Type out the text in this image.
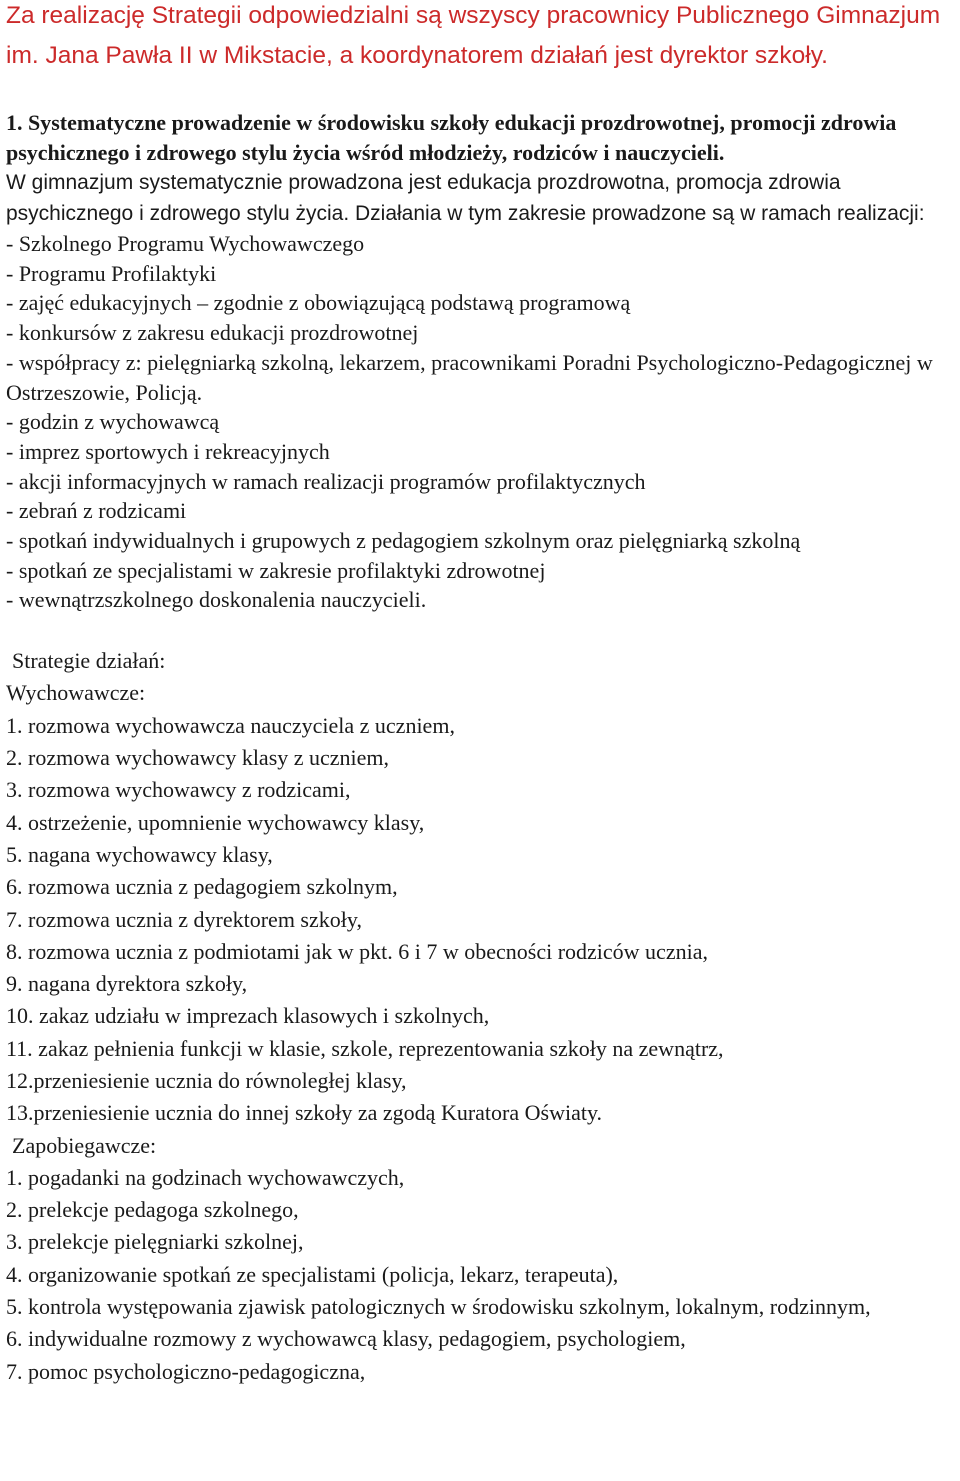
Za realizację Strategii odpowiedzialni są wszyscy pracownicy Publicznego Gimnazjum im. Jana Pawła II w Mikstacie, a koordynatorem działań jest dyrektor szkoły.
1. Systematyczne prowadzenie w środowisku szkoły edukacji prozdrowotnej, promocji zdrowia psychicznego i zdrowego stylu życia wśród młodzieży, rodziców i nauczycieli.
W gimnazjum systematycznie prowadzona jest edukacja prozdrowotna, promocja zdrowia psychicznego i zdrowego stylu życia. Działania w tym zakresie prowadzone są w ramach realizacji:
- Szkolnego Programu Wychowawczego
- Programu Profilaktyki
- zajęć edukacyjnych – zgodnie z obowiązującą podstawą programową
- konkursów z zakresu edukacji prozdrowotnej
- współpracy z: pielęgniarką szkolną, lekarzem, pracownikami Poradni Psychologiczno-Pedagogicznej w Ostrzeszowie, Policją.
- godzin z wychowawcą
- imprez sportowych i rekreacyjnych
- akcji informacyjnych w ramach realizacji programów profilaktycznych
- zebrań z rodzicami
- spotkań indywidualnych i grupowych z pedagogiem szkolnym oraz pielęgniarką szkolną
- spotkań ze specjalistami w zakresie profilaktyki zdrowotnej
- wewnątrzszkolnego doskonalenia nauczycieli.
Strategie działań:
Wychowawcze:
1. rozmowa wychowawcza nauczyciela z uczniem,
2. rozmowa wychowawcy klasy z uczniem,
3. rozmowa wychowawcy z rodzicami,
4. ostrzeżenie, upomnienie wychowawcy klasy,
5. nagana wychowawcy klasy,
6. rozmowa ucznia z pedagogiem szkolnym,
7. rozmowa ucznia z dyrektorem szkoły,
8. rozmowa ucznia z podmiotami jak w pkt. 6 i 7 w obecności rodziców ucznia,
9. nagana dyrektora szkoły,
10. zakaz udziału w imprezach klasowych i szkolnych,
11. zakaz pełnienia funkcji w klasie, szkole, reprezentowania szkoły na zewnątrz,
12.przeniesienie ucznia do równoległej klasy,
13.przeniesienie ucznia do innej szkoły za zgodą Kuratora Oświaty.
Zapobiegawcze:
1. pogadanki na godzinach wychowawczych,
2. prelekcje pedagoga szkolnego,
3. prelekcje pielęgniarki szkolnej,
4. organizowanie spotkań ze specjalistami (policja, lekarz, terapeuta),
5. kontrola występowania zjawisk patologicznych w środowisku szkolnym, lokalnym, rodzinnym,
6. indywidualne rozmowy z wychowawcą klasy, pedagogiem, psychologiem,
7. pomoc psychologiczno-pedagogiczna,
